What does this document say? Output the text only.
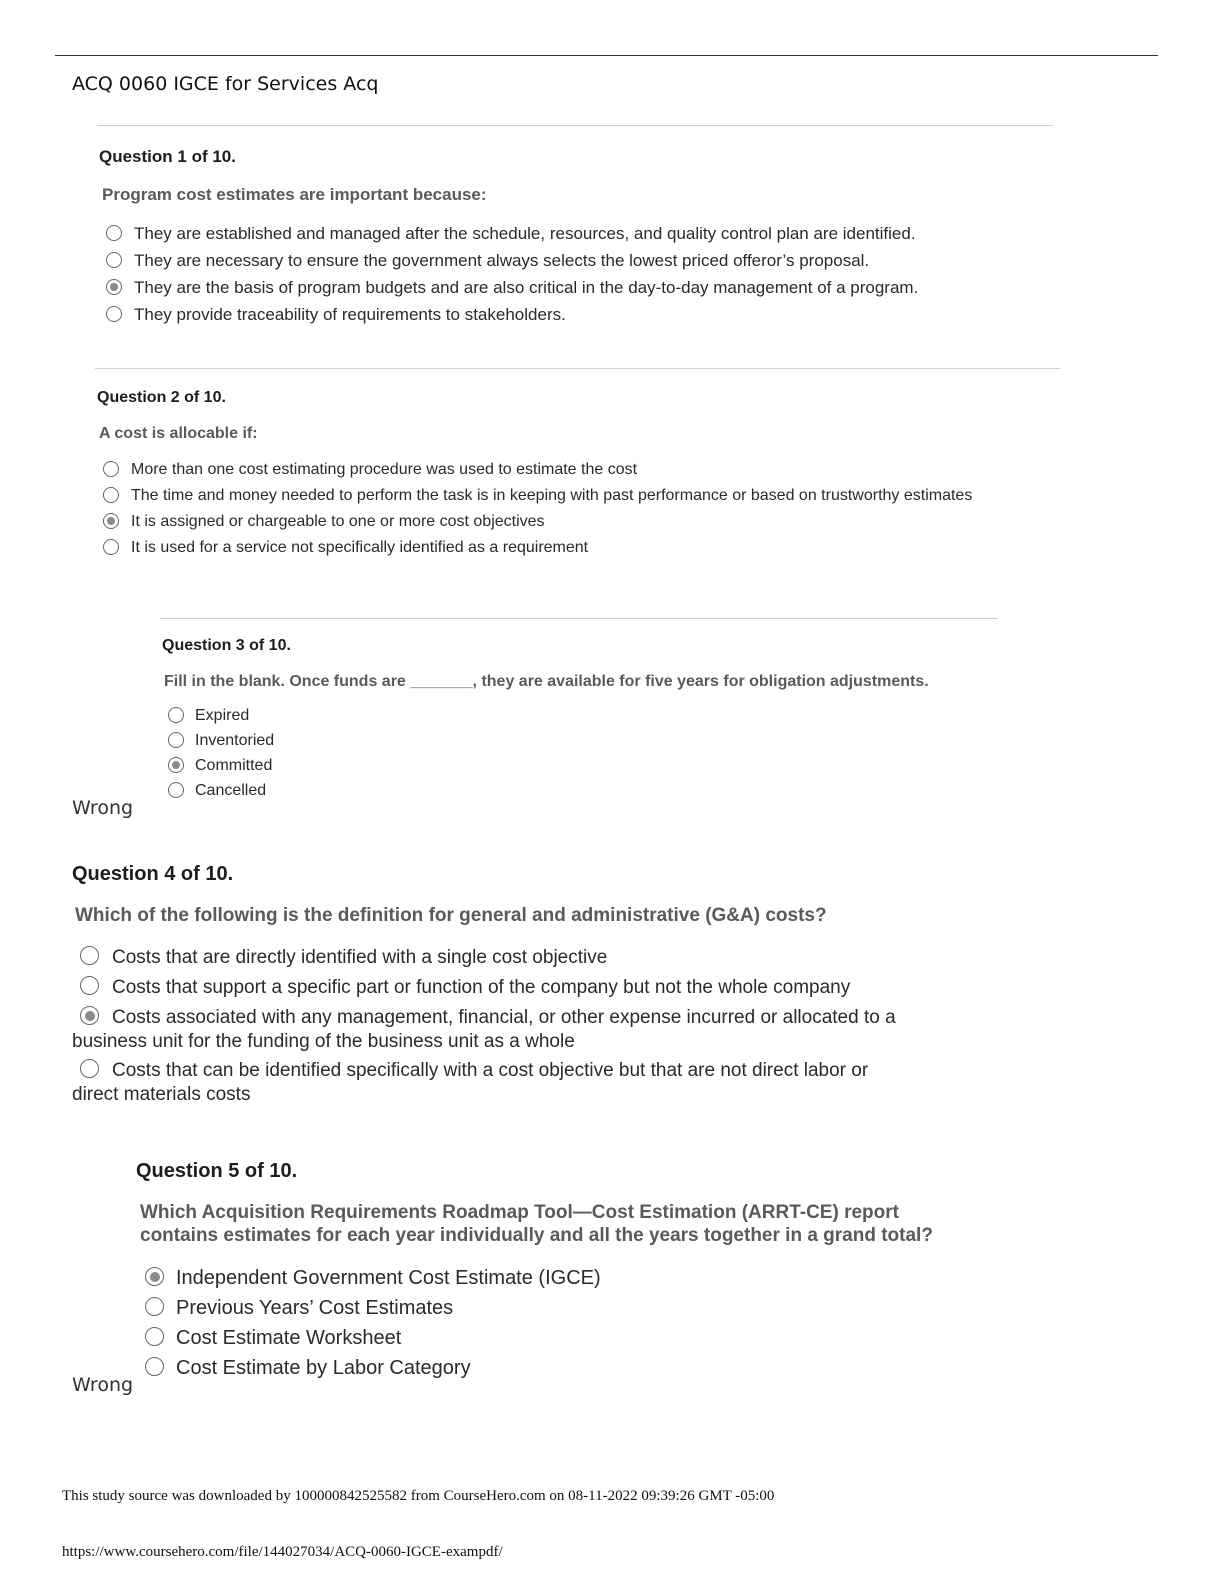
ACQ 0060 IGCE for Services Acq
Question 1 of 10.
Program cost estimates are important because:
They are established and managed after the schedule, resources, and quality control plan are identified.
They are necessary to ensure the government always selects the lowest priced offeror’s proposal.
They are the basis of program budgets and are also critical in the day-to-day management of a program.
They provide traceability of requirements to stakeholders.
Question 2 of 10.
A cost is allocable if:
More than one cost estimating procedure was used to estimate the cost
The time and money needed to perform the task is in keeping with past performance or based on trustworthy estimates
It is assigned or chargeable to one or more cost objectives
It is used for a service not specifically identified as a requirement
Question 3 of 10.
Fill in the blank. Once funds are _______, they are available for five years for obligation adjustments.
Expired
Inventoried
Committed
Cancelled
Wrong
Question 4 of 10.
Which of the following is the definition for general and administrative (G&A) costs?
Costs that are directly identified with a single cost objective
Costs that support a specific part or function of the company but not the whole company
Costs associated with any management, financial, or other expense incurred or allocated to a
business unit for the funding of the business unit as a whole
Costs that can be identified specifically with a cost objective but that are not direct labor or
direct materials costs
Question 5 of 10.
Which Acquisition Requirements Roadmap Tool—Cost Estimation (ARRT-CE) report
contains estimates for each year individually and all the years together in a grand total?
Independent Government Cost Estimate (IGCE)
Previous Years’ Cost Estimates
Cost Estimate Worksheet
Cost Estimate by Labor Category
Wrong
This study source was downloaded by 100000842525582 from CourseHero.com on 08-11-2022 09:39:26 GMT -05:00
https://www.coursehero.com/file/144027034/ACQ-0060-IGCE-exampdf/
